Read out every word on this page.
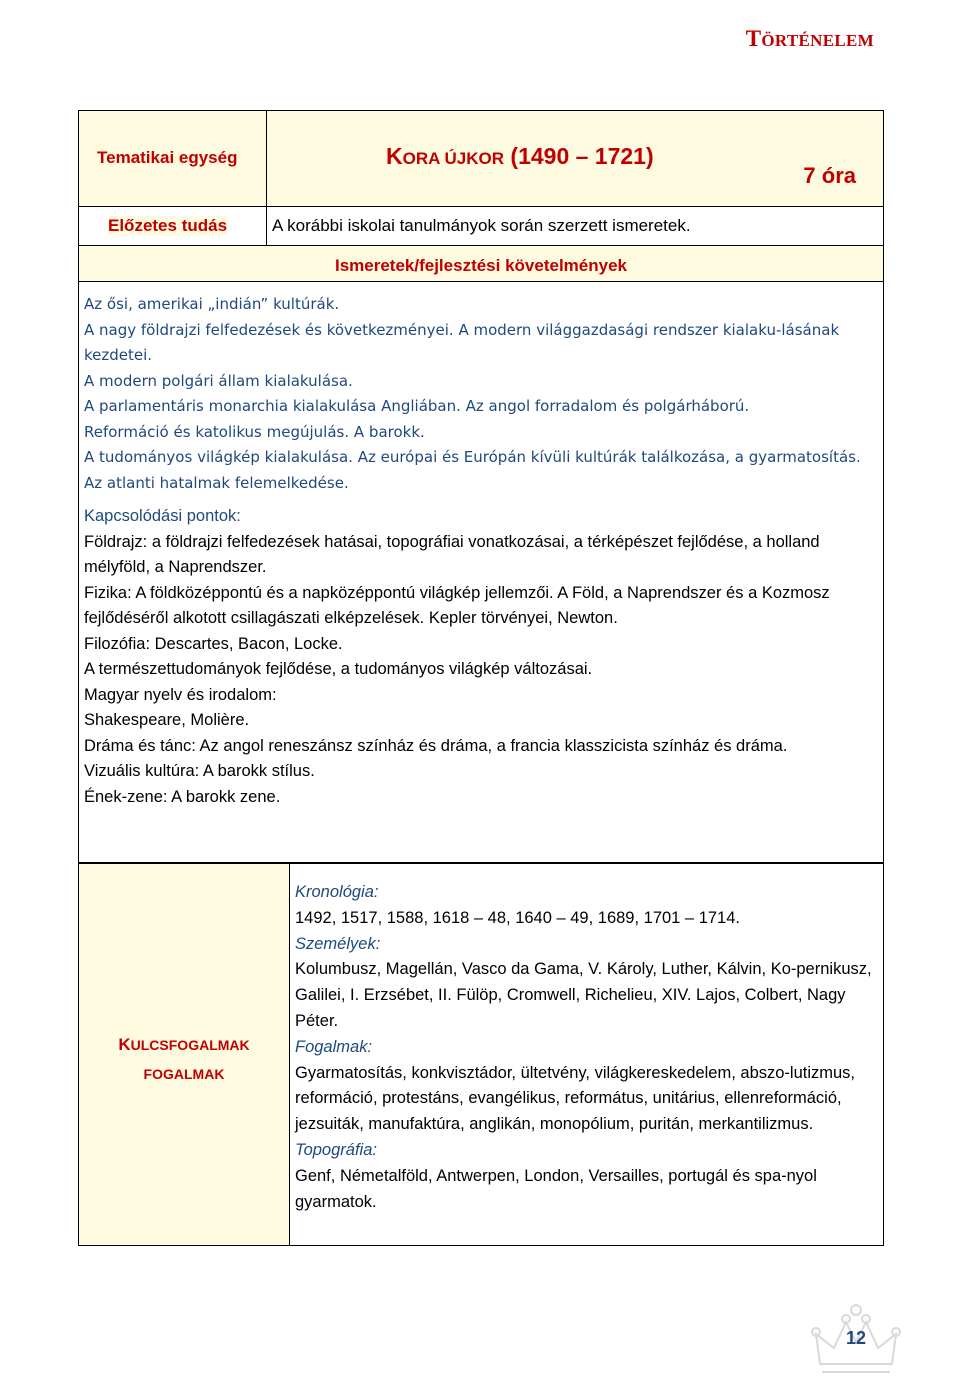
TÖRTÉNELEM
Tematikai egység	KORA ÚJKOR (1490 – 1721)
7 óra
Előzetes tudás	A korábbi iskolai tanulmányok során szerzett ismeretek.
Ismeretek/fejlesztési követelmények

Az ősi, amerikai „indián” kultúrák.

A nagy földrajzi felfedezések és következményei. A modern világgazdasági rendszer kialaku-lásának kezdetei.

A modern polgári állam kialakulása.

A parlamentáris monarchia kialakulása Angliában. Az angol forradalom és polgárháború.

Reformáció és katolikus megújulás. A barokk.

A tudományos világkép kialakulása. Az európai és Európán kívüli kultúrák találkozása, a gyarmatosítás.

Az atlanti hatalmak felemelkedése.

Kapcsolódási pontok:

Földrajz: a földrajzi felfedezések hatásai, topográfiai vonatkozásai, a térképészet fejlődése, a holland mélyföld, a Naprendszer.

Fizika: A földközéppontú és a napközéppontú világkép jellemzői. A Föld, a Naprendszer és a Kozmosz fejlődéséről alkotott csillagászati elképzelések. Kepler törvényei, Newton.

Filozófia: Descartes, Bacon, Locke.

A természettudományok fejlődése, a tudományos világkép változásai.

Magyar nyelv és irodalom:

Shakespeare, Molière.

Dráma és tánc: Az angol reneszánsz színház és dráma, a francia klasszicista színház és dráma.

Vizuális kultúra: A barokk stílus.

Ének-zene: A barokk zene.

KULCSFOGALMAK
FOGALMAK

Kronológia:

1492, 1517, 1588, 1618 – 48, 1640 – 49, 1689, 1701 – 1714.

Személyek:

Kolumbusz, Magellán, Vasco da Gama, V. Károly, Luther, Kálvin, Ko-pernikusz, Galilei, I. Erzsébet, II. Fülöp, Cromwell, Richelieu, XIV. Lajos, Colbert, Nagy Péter.

Fogalmak:

Gyarmatosítás, konkvisztádor, ültetvény, világkereskedelem, abszo-lutizmus, reformáció, protestáns, evangélikus, református, unitárius, ellenreformáció, jezsuiták, manufaktúra, anglikán, monopólium, puritán, merkantilizmus.

Topográfia:

Genf, Németalföld, Antwerpen, London, Versailles, portugál és spa-nyol gyarmatok.

12
